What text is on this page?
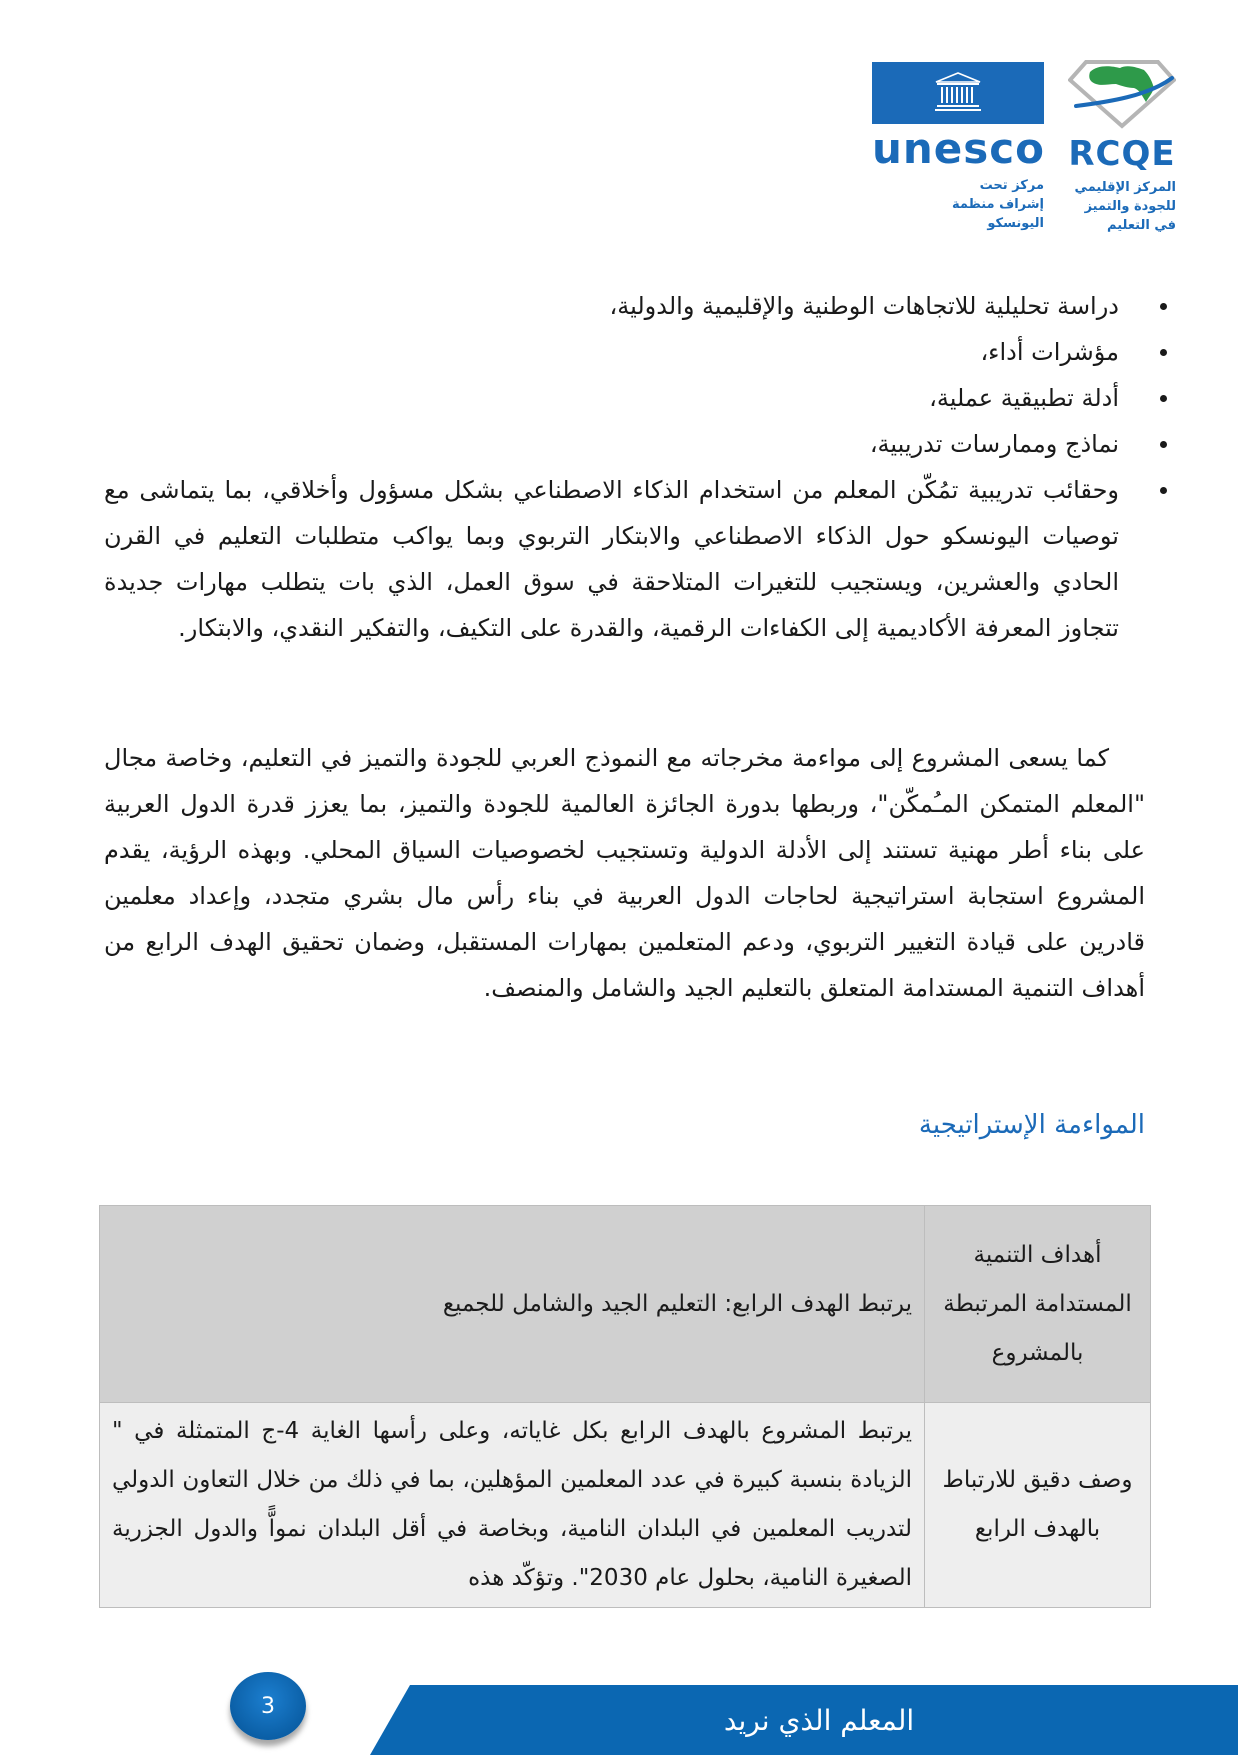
unesco
مركز تحت
إشراف منظمة
اليونسكو
RCQE
المركز الإقليمي
للجودة والتميز
في التعليم
دراسة تحليلية للاتجاهات الوطنية والإقليمية والدولية،
مؤشرات أداء،
أدلة تطبيقية عملية،
نماذج وممارسات تدريبية،
وحقائب تدريبية تمُكّن المعلم من استخدام الذكاء الاصطناعي بشكل مسؤول وأخلاقي، بما يتماشى مع توصيات اليونسكو حول الذكاء الاصطناعي والابتكار التربوي وبما يواكب متطلبات التعليم في القرن الحادي والعشرين، ويستجيب للتغيرات المتلاحقة في سوق العمل، الذي بات يتطلب مهارات جديدة تتجاوز المعرفة الأكاديمية إلى الكفاءات الرقمية، والقدرة على التكيف، والتفكير النقدي، والابتكار.

كما يسعى المشروع إلى مواءمة مخرجاته مع النموذج العربي للجودة والتميز في التعليم، وخاصة مجال "المعلم المتمكن المـُمكّن"، وربطها بدورة الجائزة العالمية للجودة والتميز، بما يعزز قدرة الدول العربية على بناء أطر مهنية تستند إلى الأدلة الدولية وتستجيب لخصوصيات السياق المحلي. وبهذه الرؤية، يقدم المشروع استجابة استراتيجية لحاجات الدول العربية في بناء رأس مال بشري متجدد، وإعداد معلمين قادرين على قيادة التغيير التربوي، ودعم المتعلمين بمهارات المستقبل، وضمان تحقيق الهدف الرابع من أهداف التنمية المستدامة المتعلق بالتعليم الجيد والشامل والمنصف.

المواءمة الإستراتيجية
أهداف التنمية المستدامة المرتبطة بالمشروع	يرتبط الهدف الرابع: التعليم الجيد والشامل للجميع
وصف دقيق للارتباط بالهدف الرابع	يرتبط المشروع بالهدف الرابع بكل غاياته، وعلى رأسها الغاية 4-ج المتمثلة في " الزيادة بنسبة كبيرة في عدد المعلمين المؤهلين، بما في ذلك من خلال التعاون الدولي لتدريب المعلمين في البلدان النامية، وبخاصة في أقل البلدان نمواًّ والدول الجزرية الصغيرة النامية، بحلول عام 2030". وتؤكّد هذه
المعلم الذي نريد
3
